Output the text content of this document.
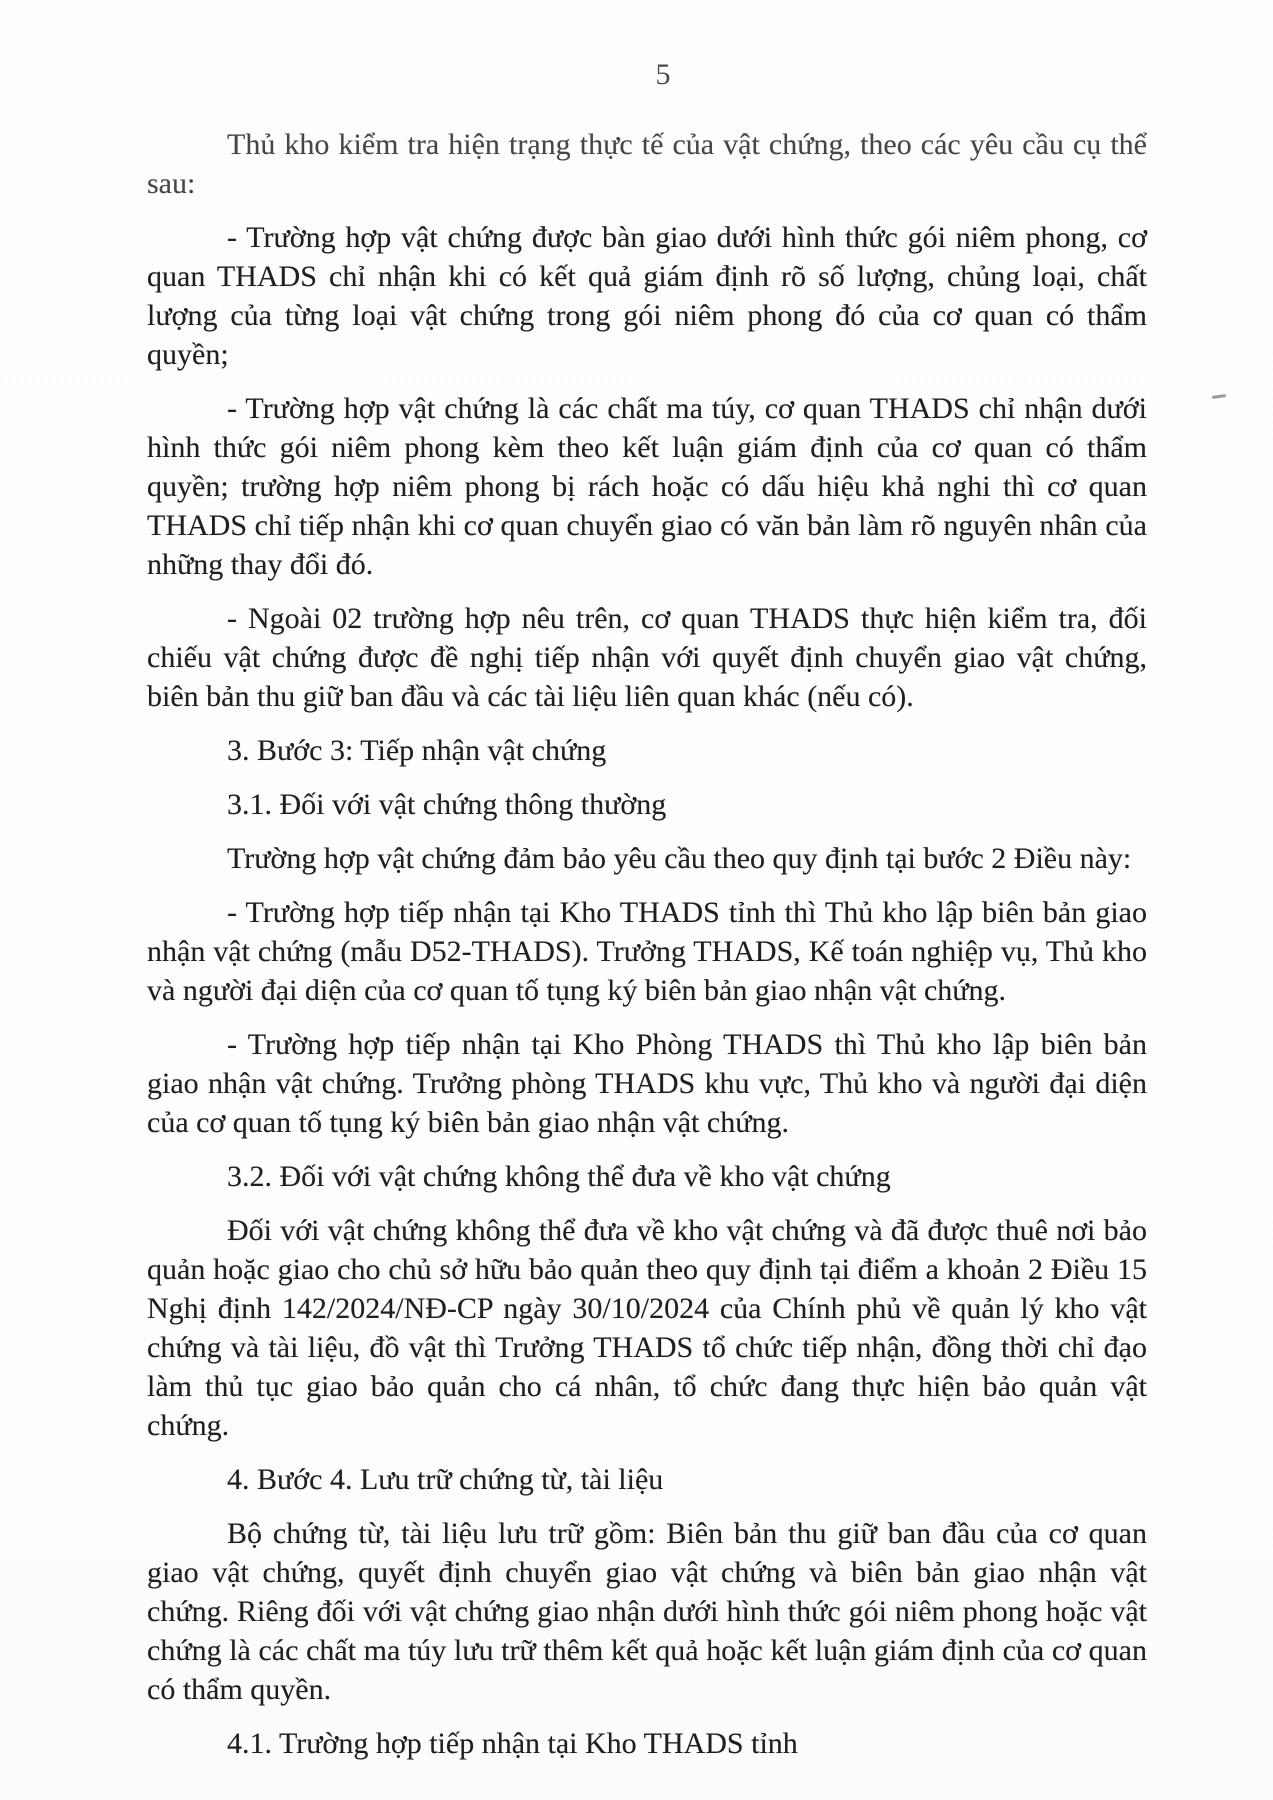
5

Thủ kho kiểm tra hiện trạng thực tế của vật chứng, theo các yêu cầu cụ thể sau:

- Trường hợp vật chứng được bàn giao dưới hình thức gói niêm phong, cơ quan THADS chỉ nhận khi có kết quả giám định rõ số lượng, chủng loại, chất lượng của từng loại vật chứng trong gói niêm phong đó của cơ quan có thẩm quyền;

- Trường hợp vật chứng là các chất ma túy, cơ quan THADS chỉ nhận dưới hình thức gói niêm phong kèm theo kết luận giám định của cơ quan có thẩm quyền; trường hợp niêm phong bị rách hoặc có dấu hiệu khả nghi thì cơ quan THADS chỉ tiếp nhận khi cơ quan chuyển giao có văn bản làm rõ nguyên nhân của những thay đổi đó.

- Ngoài 02 trường hợp nêu trên, cơ quan THADS thực hiện kiểm tra, đối chiếu vật chứng được đề nghị tiếp nhận với quyết định chuyển giao vật chứng, biên bản thu giữ ban đầu và các tài liệu liên quan khác (nếu có).

3. Bước 3: Tiếp nhận vật chứng

3.1. Đối với vật chứng thông thường

Trường hợp vật chứng đảm bảo yêu cầu theo quy định tại bước 2 Điều này:

- Trường hợp tiếp nhận tại Kho THADS tỉnh thì Thủ kho lập biên bản giao nhận vật chứng (mẫu D52-THADS). Trưởng THADS, Kế toán nghiệp vụ, Thủ kho và người đại diện của cơ quan tố tụng ký biên bản giao nhận vật chứng.

- Trường hợp tiếp nhận tại Kho Phòng THADS thì Thủ kho lập biên bản giao nhận vật chứng. Trưởng phòng THADS khu vực, Thủ kho và người đại diện của cơ quan tố tụng ký biên bản giao nhận vật chứng.

3.2. Đối với vật chứng không thể đưa về kho vật chứng

Đối với vật chứng không thể đưa về kho vật chứng và đã được thuê nơi bảo quản hoặc giao cho chủ sở hữu bảo quản theo quy định tại điểm a khoản 2 Điều 15 Nghị định 142/2024/NĐ-CP ngày 30/10/2024 của Chính phủ về quản lý kho vật chứng và tài liệu, đồ vật thì Trưởng THADS tổ chức tiếp nhận, đồng thời chỉ đạo làm thủ tục giao bảo quản cho cá nhân, tổ chức đang thực hiện bảo quản vật chứng.

4. Bước 4. Lưu trữ chứng từ, tài liệu

Bộ chứng từ, tài liệu lưu trữ gồm: Biên bản thu giữ ban đầu của cơ quan giao vật chứng, quyết định chuyển giao vật chứng và biên bản giao nhận vật chứng. Riêng đối với vật chứng giao nhận dưới hình thức gói niêm phong hoặc vật chứng là các chất ma túy lưu trữ thêm kết quả hoặc kết luận giám định của cơ quan có thẩm quyền.

4.1. Trường hợp tiếp nhận tại Kho THADS tỉnh
